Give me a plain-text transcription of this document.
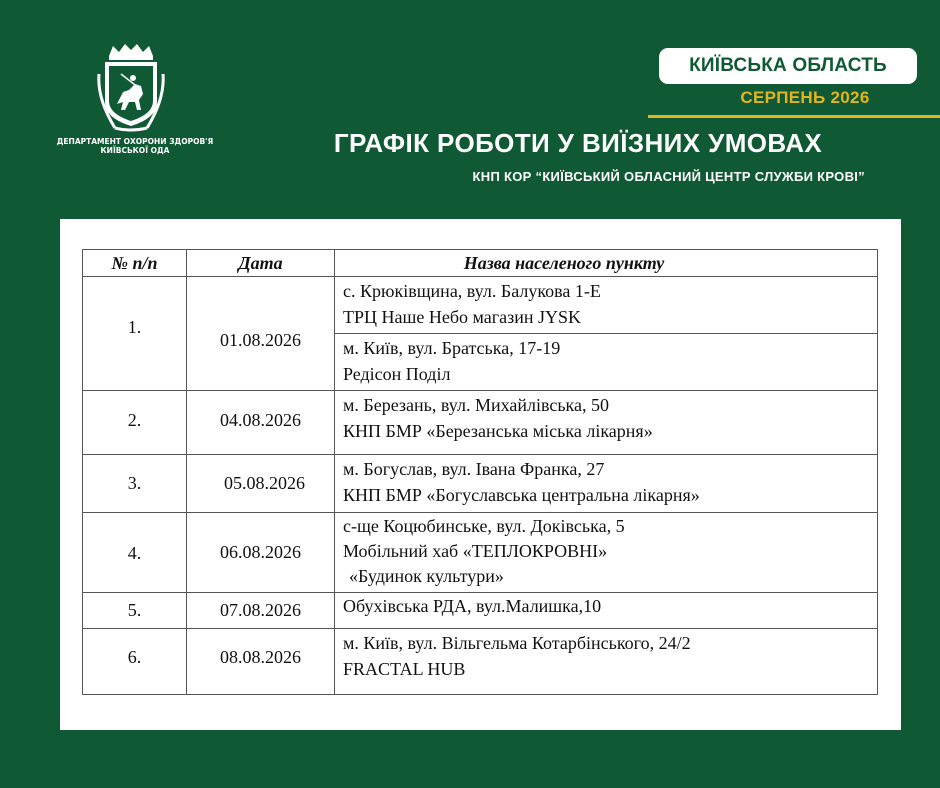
ДЕПАРТАМЕНТ ОХОРОНИ ЗДОРОВ'Я
КИЇВСЬКОЇ ОДА
КИЇВСЬКА ОБЛАСТЬ
СЕРПЕНЬ 2026
ГРАФІК РОБОТИ У ВИЇЗНИХ УМОВАХ
КНП КОР “КИЇВСЬКИЙ ОБЛАСНИЙ ЦЕНТР СЛУЖБИ КРОВІ”
№ п/п	Дата	Назва населеного пункту
1.	01.08.2026	с. Крюківщина, вул. Балукова 1-Е
ТРЦ Наше Небо магазин JYSK

		м. Київ, вул. Братська, 17-19
Редісон Поділ

2.	04.08.2026	м. Березань, вул. Михайлівська, 50
КНП БМР «Березанська міська лікарня»

3.	05.08.2026	м. Богуслав, вул. Івана Франка, 27
КНП БМР «Богуславська центральна лікарня»

4.	06.08.2026	с-ще Коцюбинське, вул. Доківська, 5
Мобільний хаб «ТЕПЛОКРОВНІ»
«Будинок культури»

5.	07.08.2026	Обухівська РДА, вул.Малишка,10

6.	08.08.2026	м. Київ, вул. Вільгельма Котарбінського, 24/2
FRACTAL HUB
